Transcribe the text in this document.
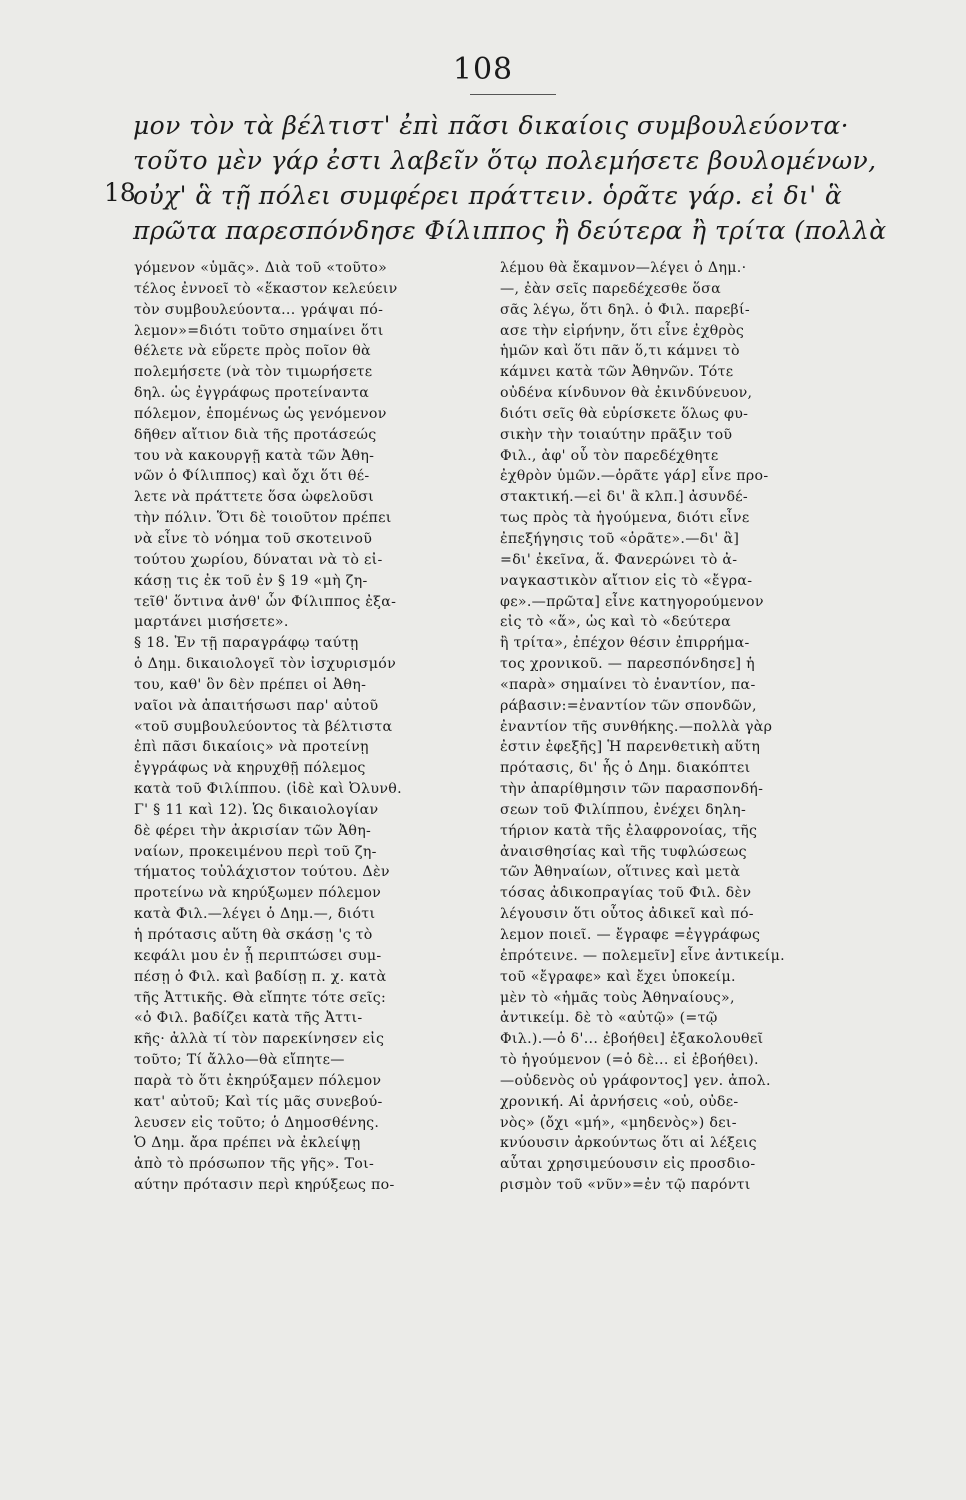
108
18
μον τὸν τὰ βέλτιστ' ἐπὶ πᾶσι δικαίοις συμβουλεύοντα·
τοῦτο μὲν γάρ ἐστι λαβεῖν ὅτῳ πολεμήσετε βουλομένων,
οὐχ' ἃ τῇ πόλει συμφέρει πράττειν. ὁρᾶτε γάρ. εἰ δι' ἃ
πρῶτα παρεσπόνδησε Φίλιππος ἢ δεύτερα ἢ τρίτα (πολλὰ
γόμενον «ὑμᾶς». Διὰ τοῦ «τοῦτο»
τέλος ἐννοεῖ τὸ «ἕκαστον κελεύειν
τὸν συμβουλεύοντα... γράψαι πό-
λεμον»=διότι τοῦτο σημαίνει ὅτι
θέλετε νὰ εὕρετε πρὸς ποῖον θὰ
πολεμήσετε (νὰ τὸν τιμωρήσετε
δηλ. ὡς ἐγγράφως προτείναντα
πόλεμον, ἑπομένως ὡς γενόμενον
δῆθεν αἴτιον διὰ τῆς προτάσεώς
του νὰ κακουργῇ κατὰ τῶν Ἀθη-
νῶν ὁ Φίλιππος) καὶ ὄχι ὅτι θέ-
λετε νὰ πράττετε ὅσα ὠφελοῦσι
τὴν πόλιν. Ὅτι δὲ τοιοῦτον πρέπει
νὰ εἶνε τὸ νόημα τοῦ σκοτεινοῦ
τούτου χωρίου, δύναται νὰ τὸ εἰ-
κάσῃ τις ἐκ τοῦ ἐν § 19 «μὴ ζη-
τεῖθ' ὅντινα ἀνθ' ὧν Φίλιππος ἐξα-
μαρτάνει μισήσετε».
§ 18. Ἐν τῇ παραγράφῳ ταύτῃ
ὁ Δημ. δικαιολογεῖ τὸν ἰσχυρισμόν
του, καθ' ὃν δὲν πρέπει οἱ Ἀθη-
ναῖοι νὰ ἀπαιτήσωσι παρ' αὐτοῦ
«τοῦ συμβουλεύοντος τὰ βέλτιστα
ἐπὶ πᾶσι δικαίοις» νὰ προτείνῃ
ἐγγράφως νὰ κηρυχθῇ πόλεμος
κατὰ τοῦ Φιλίππου. (ἰδὲ καὶ Ὀλυνθ.
Γ' § 11 καὶ 12). Ὡς δικαιολογίαν
δὲ φέρει τὴν ἀκρισίαν τῶν Ἀθη-
ναίων, προκειμένου περὶ τοῦ ζη-
τήματος τοὐλάχιστον τούτου. Δὲν
προτείνω νὰ κηρύξωμεν πόλεμον
κατὰ Φιλ.—λέγει ὁ Δημ.—, διότι
ἡ πρότασις αὕτη θὰ σκάσῃ 'ς τὸ
κεφάλι μου ἐν ᾗ περιπτώσει συμ-
πέσῃ ὁ Φιλ. καὶ βαδίσῃ π. χ. κατὰ
τῆς Ἀττικῆς. Θὰ εἴπητε τότε σεῖς:
«ὁ Φιλ. βαδίζει κατὰ τῆς Ἀττι-
κῆς· ἀλλὰ τί τὸν παρεκίνησεν εἰς
τοῦτο; Τί ἄλλο—θὰ εἴπητε—
παρὰ τὸ ὅτι ἐκηρύξαμεν πόλεμον
κατ' αὐτοῦ; Καὶ τίς μᾶς συνεβού-
λευσεν εἰς τοῦτο; ὁ Δημοσθένης.
Ὁ Δημ. ἄρα πρέπει νὰ ἐκλείψῃ
ἀπὸ τὸ πρόσωπον τῆς γῆς». Τοι-
αύτην πρότασιν περὶ κηρύξεως πο-
λέμου θὰ ἔκαμνον—λέγει ὁ Δημ.·
—, ἐὰν σεῖς παρεδέχεσθε ὅσα
σᾶς λέγω, ὅτι δηλ. ὁ Φιλ. παρεβί-
ασε τὴν εἰρήνην, ὅτι εἶνε ἐχθρὸς
ἡμῶν καὶ ὅτι πᾶν ὅ,τι κάμνει τὸ
κάμνει κατὰ τῶν Ἀθηνῶν. Τότε
οὐδένα κίνδυνον θὰ ἐκινδύνευον,
διότι σεῖς θὰ εὑρίσκετε ὅλως φυ-
σικὴν τὴν τοιαύτην πρᾶξιν τοῦ
Φιλ., ἀφ' οὗ τὸν παρεδέχθητε
ἐχθρὸν ὑμῶν.—ὁρᾶτε γάρ] εἶνε προ-
στακτική.—εἰ δι' ἃ κλπ.] ἀσυνδέ-
τως πρὸς τὰ ἡγούμενα, διότι εἶνε
ἐπεξήγησις τοῦ «ὁρᾶτε».—δι' ἃ]
=δι' ἐκεῖνα, ἅ. Φανερώνει τὸ ἀ-
ναγκαστικὸν αἴτιον εἰς τὸ «ἔγρα-
φε».—πρῶτα] εἶνε κατηγορούμενον
εἰς τὸ «ἅ», ὡς καὶ τὸ «δεύτερα
ἢ τρίτα», ἐπέχον θέσιν ἐπιρρήμα-
τος χρονικοῦ. — παρεσπόνδησε] ἡ
«παρὰ» σημαίνει τὸ ἐναντίον, πα-
ράβασιν:=ἐναντίον τῶν σπονδῶν,
ἐναντίον τῆς συνθήκης.—πολλὰ γὰρ
ἐστιν ἐφεξῆς] Ἡ παρενθετικὴ αὕτη
πρότασις, δι' ἧς ὁ Δημ. διακόπτει
τὴν ἀπαρίθμησιν τῶν παρασπονδή-
σεων τοῦ Φιλίππου, ἐνέχει δηλη-
τήριον κατὰ τῆς ἐλαφρονοίας, τῆς
ἀναισθησίας καὶ τῆς τυφλώσεως
τῶν Ἀθηναίων, οἵτινες καὶ μετὰ
τόσας ἀδικοπραγίας τοῦ Φιλ. δὲν
λέγουσιν ὅτι οὗτος ἀδικεῖ καὶ πό-
λεμον ποιεῖ. — ἔγραφε =ἐγγράφως
ἐπρότεινε. — πολεμεῖν] εἶνε ἀντικείμ.
τοῦ «ἔγραφε» καὶ ἔχει ὑποκείμ.
μὲν τὸ «ἡμᾶς τοὺς Ἀθηναίους»,
ἀντικείμ. δὲ τὸ «αὐτῷ» (=τῷ
Φιλ.).—ὁ δ'... ἐβοήθει] ἐξακολουθεῖ
τὸ ἡγούμενον (=ὁ δὲ... εἰ ἐβοήθει).
—οὐδενὸς οὐ γράφοντος] γεν. ἀπολ.
χρονική. Αἱ ἀρνήσεις «οὐ, οὐδε-
νὸς» (ὄχι «μή», «μηδενὸς») δει-
κνύουσιν ἀρκούντως ὅτι αἱ λέξεις
αὗται χρησιμεύουσιν εἰς προσδιο-
ρισμὸν τοῦ «νῦν»=ἐν τῷ παρόντι
